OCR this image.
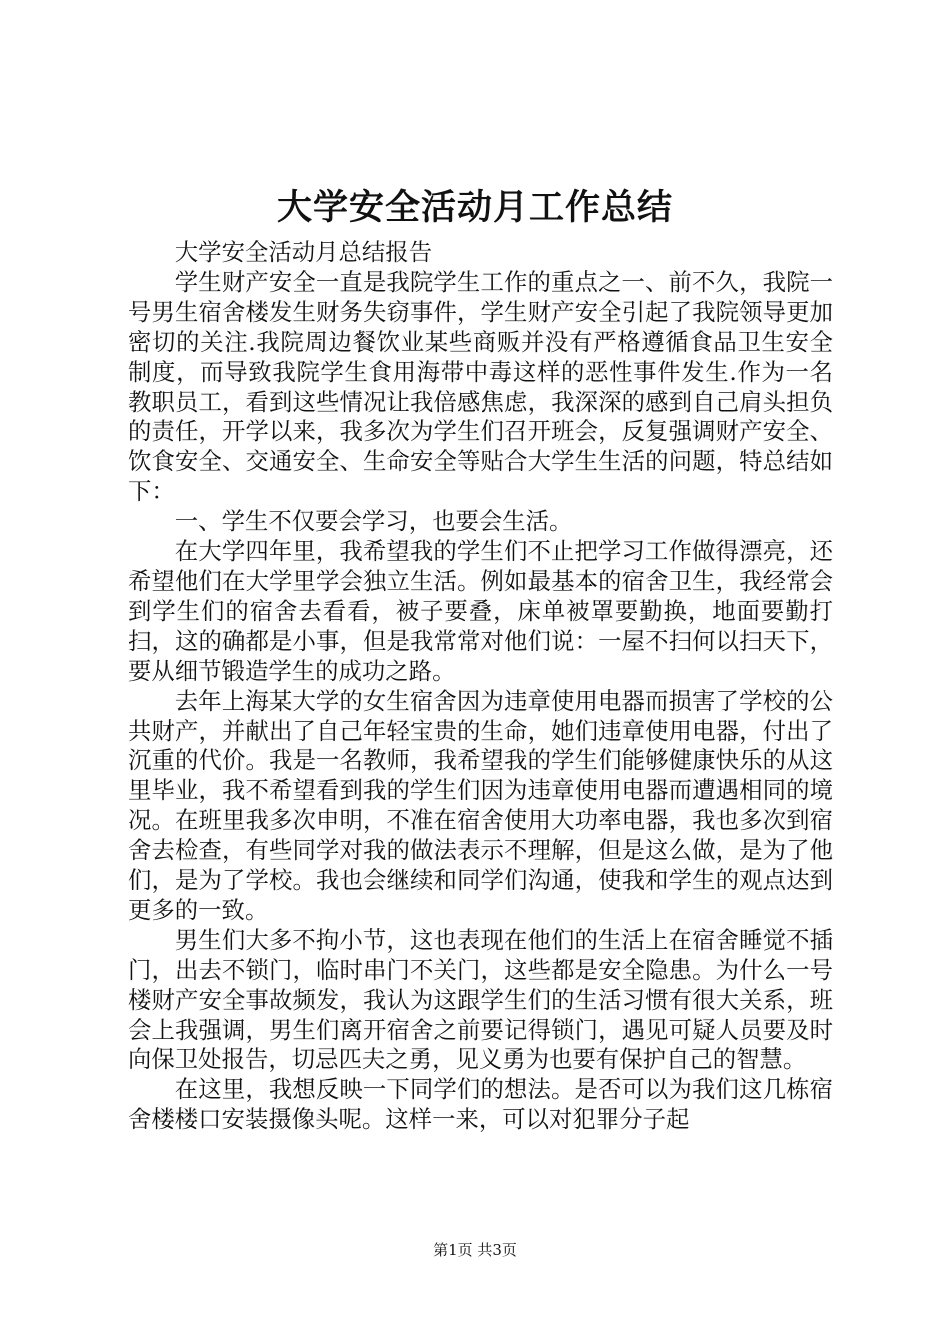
大学安全活动月工作总结

大学安全活动月总结报告

学生财产安全一直是我院学生工作的重点之一、前不久，我院一号男生宿舍楼发生财务失窃事件，学生财产安全引起了我院领导更加密切的关注.我院周边餐饮业某些商贩并没有严格遵循食品卫生安全制度，而导致我院学生食用海带中毒这样的恶性事件发生.作为一名教职员工，看到这些情况让我倍感焦虑，我深深的感到自己肩头担负的责任，开学以来，我多次为学生们召开班会，反复强调财产安全、饮食安全、交通安全、生命安全等贴合大学生生活的问题，特总结如下：

一、学生不仅要会学习，也要会生活。

在大学四年里，我希望我的学生们不止把学习工作做得漂亮，还希望他们在大学里学会独立生活。例如最基本的宿舍卫生，我经常会到学生们的宿舍去看看，被子要叠，床单被罩要勤换，地面要勤打扫，这的确都是小事，但是我常常对他们说：一屋不扫何以扫天下，要从细节锻造学生的成功之路。

去年上海某大学的女生宿舍因为违章使用电器而损害了学校的公共财产，并献出了自己年轻宝贵的生命，她们违章使用电器，付出了沉重的代价。我是一名教师，我希望我的学生们能够健康快乐的从这里毕业，我不希望看到我的学生们因为违章使用电器而遭遇相同的境况。在班里我多次申明，不准在宿舍使用大功率电器，我也多次到宿舍去检查，有些同学对我的做法表示不理解，但是这么做，是为了他们，是为了学校。我也会继续和同学们沟通，使我和学生的观点达到更多的一致。

男生们大多不拘小节，这也表现在他们的生活上在宿舍睡觉不插门，出去不锁门，临时串门不关门，这些都是安全隐患。为什么一号楼财产安全事故频发，我认为这跟学生们的生活习惯有很大关系，班会上我强调，男生们离开宿舍之前要记得锁门，遇见可疑人员要及时向保卫处报告，切忌匹夫之勇，见义勇为也要有保护自己的智慧。

在这里，我想反映一下同学们的想法。是否可以为我们这几栋宿舍楼楼口安装摄像头呢。这样一来，可以对犯罪分子起

第1页 共3页
